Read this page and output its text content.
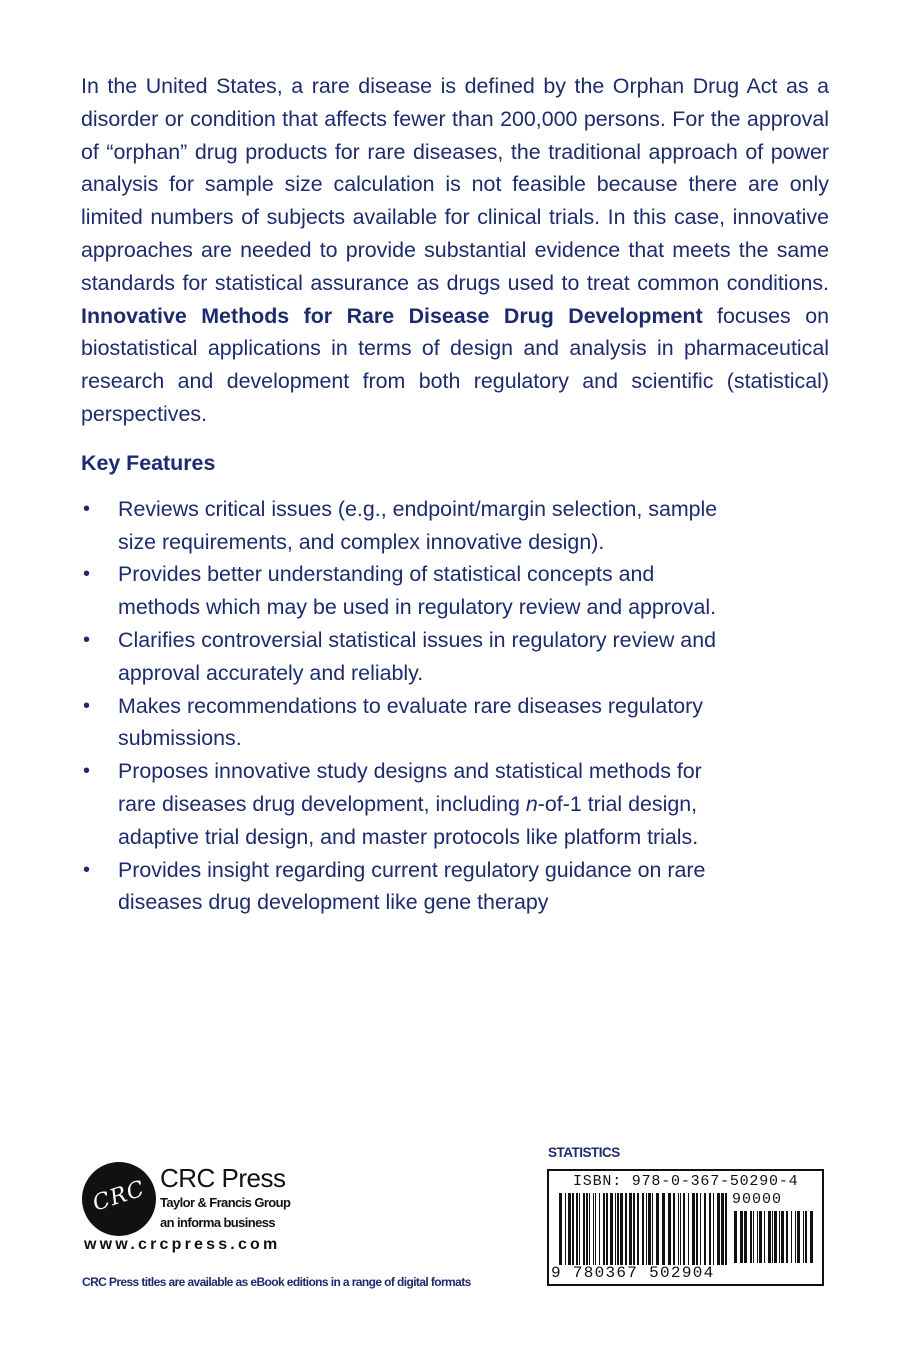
In the United States, a rare disease is defined by the Orphan Drug Act as a disorder or condition that affects fewer than 200,000 persons. For the approval of “orphan” drug products for rare diseases, the traditional approach of power analysis for sample size calculation is not feasible because there are only limited numbers of subjects available for clinical trials. In this case, innovative approaches are needed to provide substantial evidence that meets the same standards for statistical assurance as drugs used to treat common conditions. Innovative Methods for Rare Disease Drug Development focuses on biostatistical applications in terms of design and analysis in pharmaceutical research and development from both regulatory and scientific (statistical) perspectives.

Key Features
• Reviews critical issues (e.g., endpoint/margin selection, sample
size requirements, and complex innovative design).
• Provides better understanding of statistical concepts and
methods which may be used in regulatory review and approval.
• Clarifies controversial statistical issues in regulatory review and
approval accurately and reliably.
• Makes recommendations to evaluate rare diseases regulatory
submissions.
• Proposes innovative study designs and statistical methods for
rare diseases drug development, including n-of-1 trial design,
adaptive trial design, and master protocols like platform trials.
• Provides insight regarding current regulatory guidance on rare
diseases drug development like gene therapy
CRC CRC Press
Taylor & Francis Group
an informa business
www.crcpress.com
CRC Press titles are available as eBook editions in a range of digital formats
STATISTICS
ISBN: 978-0-367-50290-4
90000
9 780367 502904
